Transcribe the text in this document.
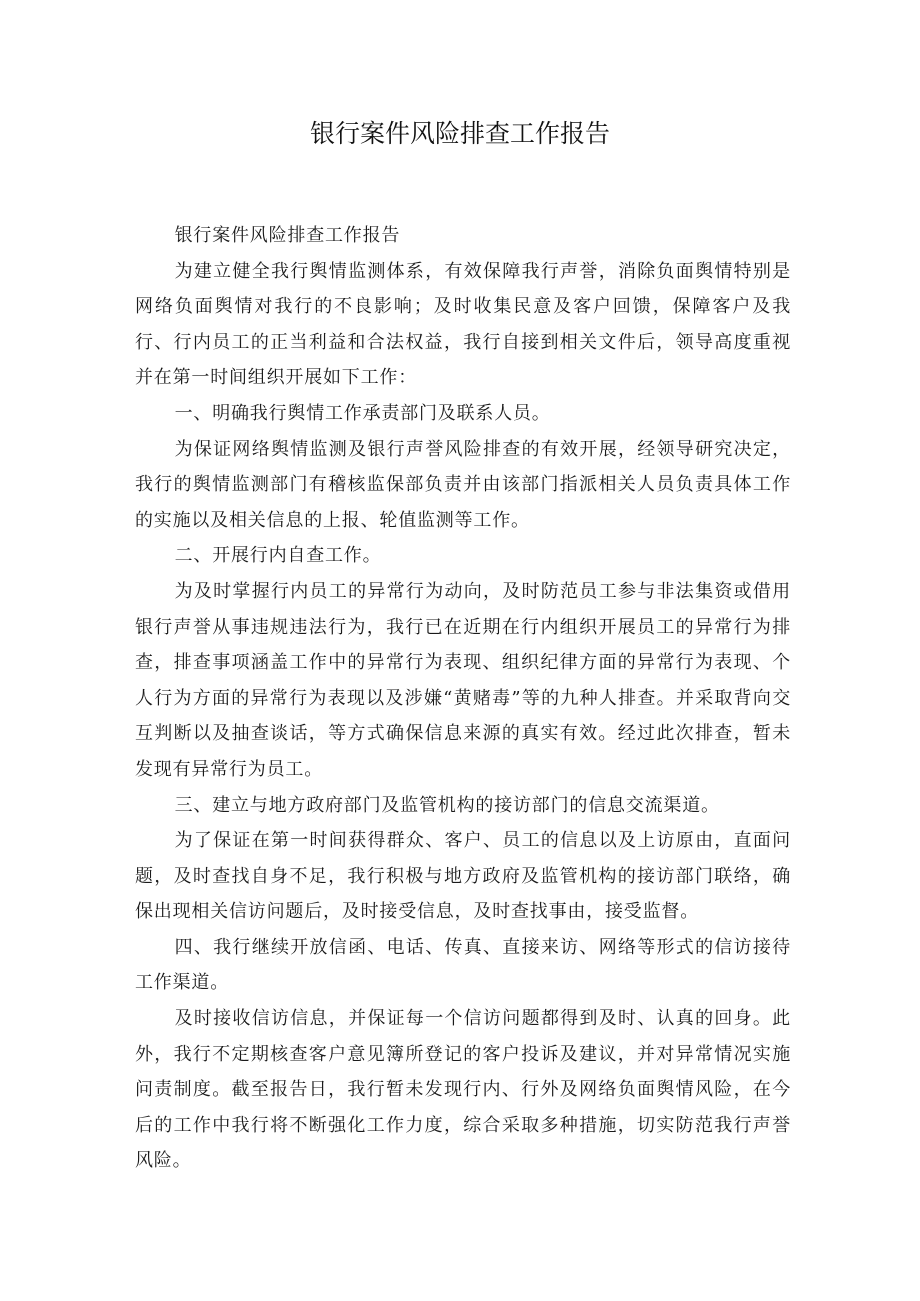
银行案件风险排查工作报告

银行案件风险排查工作报告

为建立健全我行舆情监测体系，有效保障我行声誉，消除负面舆情特别是网络负面舆情对我行的不良影响；及时收集民意及客户回馈，保障客户及我行、行内员工的正当利益和合法权益，我行自接到相关文件后，领导高度重视并在第一时间组织开展如下工作：

一、明确我行舆情工作承责部门及联系人员。

为保证网络舆情监测及银行声誉风险排查的有效开展，经领导研究决定，我行的舆情监测部门有稽核监保部负责并由该部门指派相关人员负责具体工作的实施以及相关信息的上报、轮值监测等工作。

二、开展行内自查工作。

为及时掌握行内员工的异常行为动向，及时防范员工参与非法集资或借用银行声誉从事违规违法行为，我行已在近期在行内组织开展员工的异常行为排查，排查事项涵盖工作中的异常行为表现、组织纪律方面的异常行为表现、个人行为方面的异常行为表现以及涉嫌“黄赌毒”等的九种人排查。并采取背向交互判断以及抽查谈话，等方式确保信息来源的真实有效。经过此次排查，暂未发现有异常行为员工。

三、建立与地方政府部门及监管机构的接访部门的信息交流渠道。

为了保证在第一时间获得群众、客户、员工的信息以及上访原由，直面问题，及时查找自身不足，我行积极与地方政府及监管机构的接访部门联络，确保出现相关信访问题后，及时接受信息，及时查找事由，接受监督。

四、我行继续开放信函、电话、传真、直接来访、网络等形式的信访接待工作渠道。

及时接收信访信息，并保证每一个信访问题都得到及时、认真的回身。此外，我行不定期核查客户意见簿所登记的客户投诉及建议，并对异常情况实施问责制度。截至报告日，我行暂未发现行内、行外及网络负面舆情风险，在今后的工作中我行将不断强化工作力度，综合采取多种措施，切实防范我行声誉风险。
